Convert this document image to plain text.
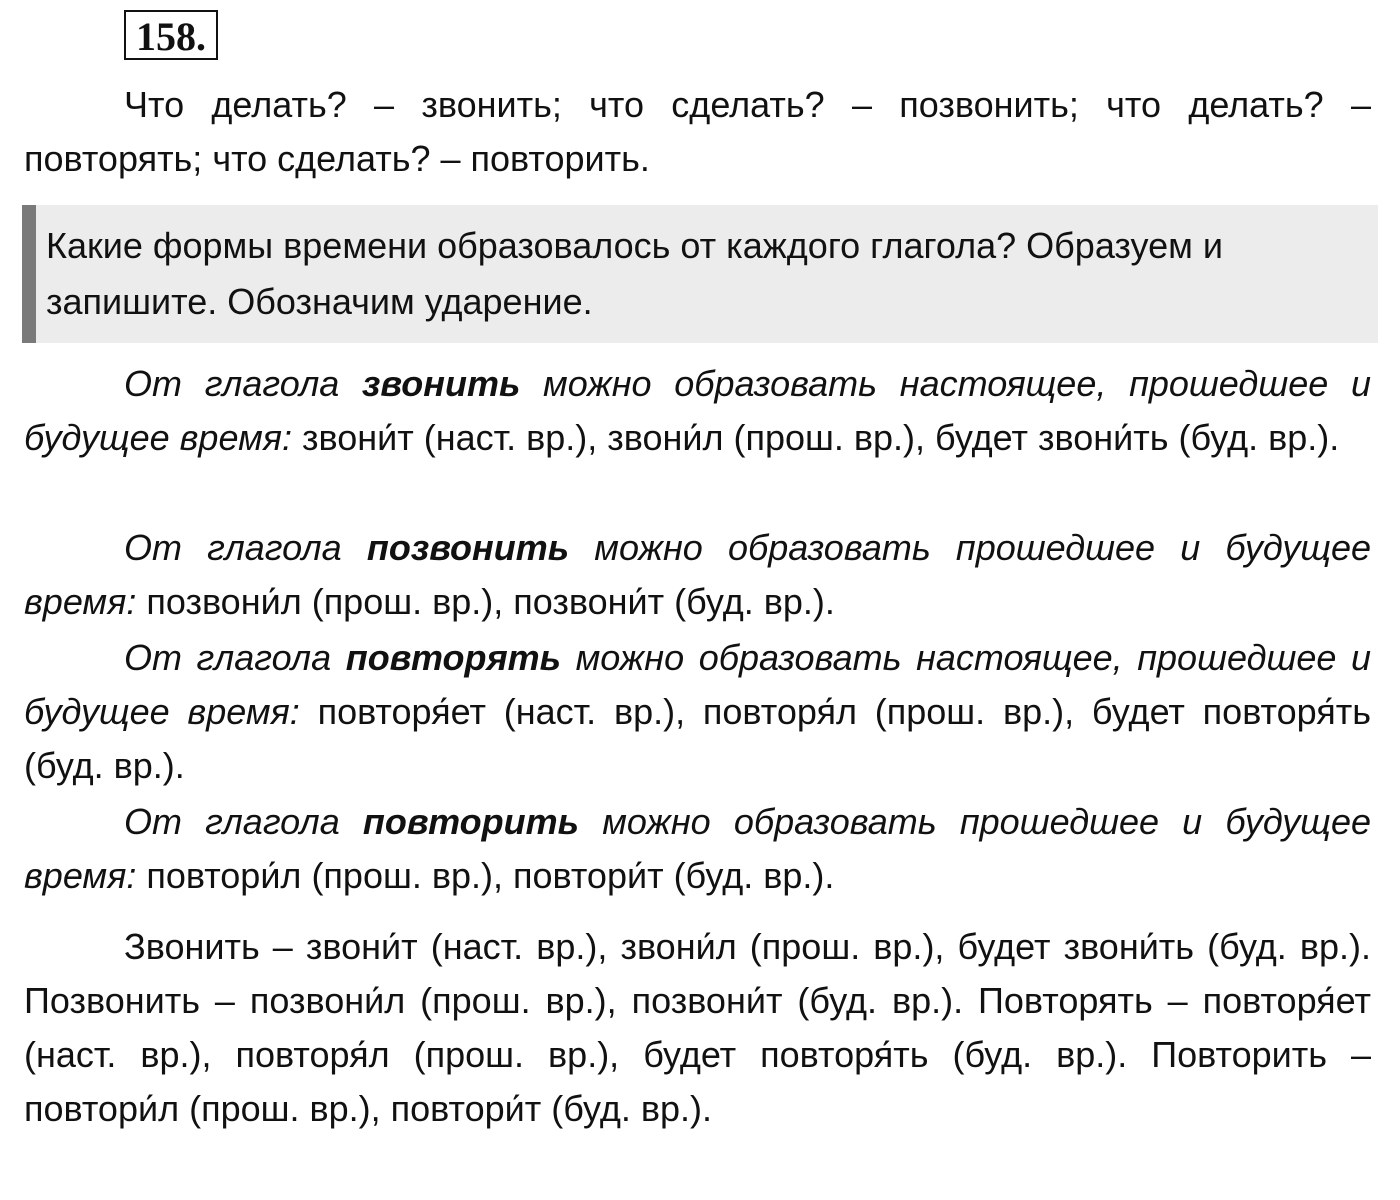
158.

Что делать? – звонить; что сделать? – позвонить; что делать? – повторять; что сделать? – повторить.

Какие формы времени образовалось от каждого глагола? Образуем и запишите. Обозначим ударение.

От глагола звонить можно образовать настоящее, прошедшее и будущее время: звони́т (наст. вр.), звони́л (прош. вр.), будет звони́ть (буд. вр.).

От глагола позвонить можно образовать прошедшее и будущее время: позвони́л (прош. вр.), позвони́т (буд. вр.).

От глагола повторять можно образовать настоящее, прошедшее и будущее время: повторя́ет (наст. вр.), повторя́л (прош. вр.), будет повторя́ть (буд. вр.).

От глагола повторить можно образовать прошедшее и будущее время: повтори́л (прош. вр.), повтори́т (буд. вр.).

Звонить – звони́т (наст. вр.), звони́л (прош. вр.), будет звони́ть (буд. вр.). Позвонить – позвони́л (прош. вр.), позвони́т (буд. вр.). Повторять – повторя́ет (наст. вр.), повторя́л (прош. вр.), будет повторя́ть (буд. вр.). Повторить – повтори́л (прош. вр.), повтори́т (буд. вр.).
